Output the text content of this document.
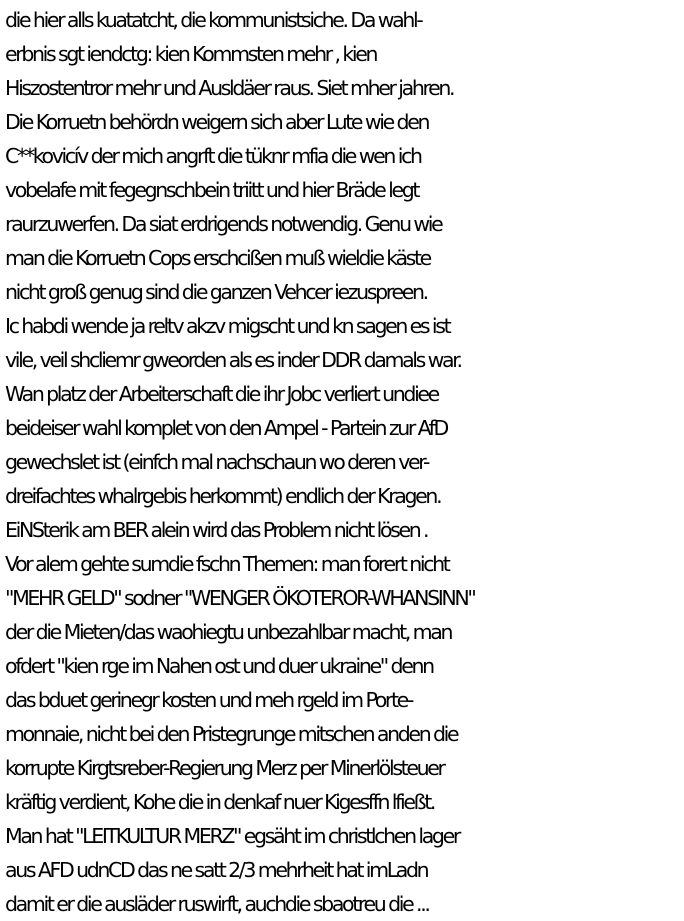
die hier alls kuatatcht, die kommunistsiche. Da wahl-
erbnis sgt iendctg: kien Kommsten mehr , kien
Hiszostentror mehr und Ausldäer raus. Siet mher jahren.
Die Korruetn behördn weigern sich aber Lute wie den
C**kovicív der mich angrft die tüknr mfia die wen ich
vobelafe mit fegegnschbein triitt und hier Bräde legt
raurzuwerfen. Da siat erdrigends notwendig. Genu wie
man die Korruetn Cops erschcißen muß wieldie käste
nicht groß genug sind die ganzen Vehcer iezuspreen.
Ic habdi wende ja reltv akzv migscht und kn sagen es ist
vile, veil shcliemr gweorden als es inder DDR damals war.
Wan platz der Arbeiterschaft die ihr Jobc verliert undiee
beideiser wahl komplet von den Ampel - Partein zur AfD
gewechslet ist (einfch mal nachschaun wo deren ver-
dreifachtes whalrgebis herkommt) endlich der Kragen.
EiNSterik am BER alein wird das Problem nicht lösen .
Vor alem gehte sumdie fschn Themen: man forert nicht
"MEHR GELD" sodner "WENGER ÖKOTEROR-WHANSINN"
der die Mieten/das waohiegtu unbezahlbar macht, man
ofdert "kien rge im Nahen ost und duer ukraine" denn
das bduet gerinegr kosten und meh rgeld im Porte-
monnaie, nicht bei den Pristegrunge mitschen anden die
korrupte Kirgtsreber-Regierung Merz per Minerlölsteuer
kräftig verdient, Kohe die in denkaf nuer Kigesffn lfießt.
Man hat "LEITKULTUR MERZ" egsäht im christlchen lager
aus AFD udnCD das ne satt 2/3 mehrheit hat imLadn
damit er die ausläder ruswirft, auchdie sbaotreu die ...
